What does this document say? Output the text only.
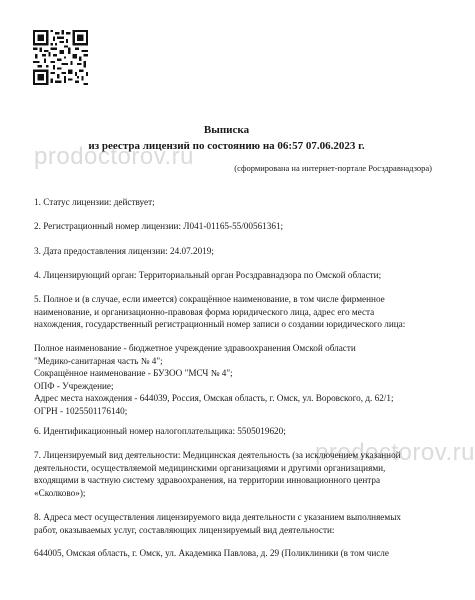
prodoctorov.ru
Выписка
из реестра лицензий по состоянию на 06:57 07.06.2023 г.
(сформирована на интернет-портале Росздравнадзора)
1. Статус лицензии: действует;
2. Регистрационный номер лицензии: Л041-01165-55/00561361;
3. Дата предоставления лицензии: 24.07.2019;
4. Лицензирующий орган: Территориальный орган Росздравнадзора по Омской области;
5. Полное и (в случае, если имеется) сокращённое наименование, в том числе фирменное
наименование, и организационно-правовая форма юридического лица, адрес его места
нахождения, государственный регистрационный номер записи о создании юридического лица:
Полное наименование - бюджетное учреждение здравоохранения Омской области
"Медико-санитарная часть № 4";
Сокращённое наименование - БУЗОО "МСЧ № 4";
ОПФ - Учреждение;
Адрес места нахождения - 644039, Россия, Омская область, г. Омск, ул. Воровского, д. 62/1;
ОГРН - 1025501176140;
6. Идентификационный номер налогоплательщика: 5505019620;
prodoctorov.ru
7. Лицензируемый вид деятельности: Медицинская деятельность (за исключением указанной
деятельности, осуществляемой медицинскими организациями и другими организациями,
входящими в частную систему здравоохранения, на территории инновационного центра
«Сколково»);
8. Адреса мест осуществления лицензируемого вида деятельности с указанием выполняемых
работ, оказываемых услуг, составляющих лицензируемый вид деятельности:
644005, Омская область, г. Омск, ул. Академика Павлова, д. 29 (Поликлиники (в том числе
